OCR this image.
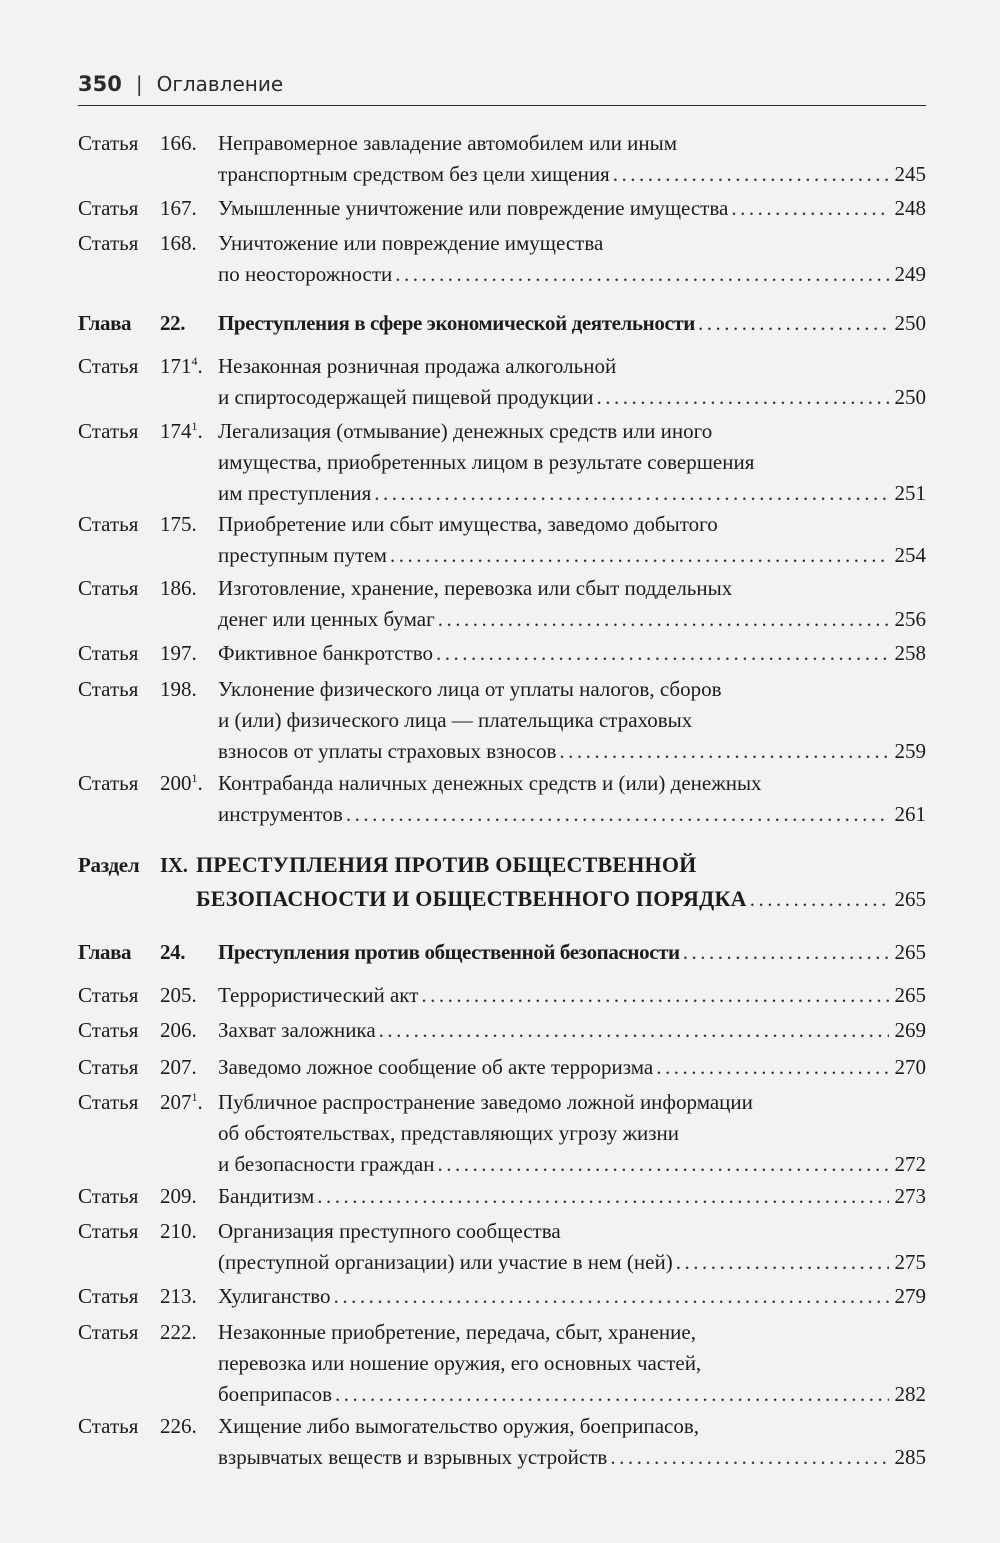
350 | Оглавление
Статья 166.	Неправомерное завладение автомобилем или иным
транспортным средством без цели хищения .....	245
Статья 167.	Умышленные уничтожение или повреждение имущества .....	248
Статья 168.	Уничтожение или повреждение имущества
по неосторожности .....	249
Глава 22.	Преступления в сфере экономической деятельности .....	250
Статья $171^4$. Незаконная розничная продажа алкогольной
и спиртосодержащей пищевой продукции .....	250
Статья $174^1$. Легализация (отмывание) денежных средств или иного
имущества, приобретенных лицом в результате совершения
им преступления .....	251
Статья 175.	Приобретение или сбыт имущества, заведомо добытого
преступным путем .....	254
Статья 186.	Изготовление, хранение, перевозка или сбыт поддельных
денег или ценных бумаг .....	256
Статья 197.	Фиктивное банкротство .....	258
Статья 198.	Уклонение физического лица от уплаты налогов, сборов
и (или) физического лица — плательщика страховых
взносов от уплаты страховых взносов .....	259
Статья $200^1$. Контрабанда наличных денежных средств и (или) денежных
инструментов .....	261
Раздел IX. ПРЕСТУПЛЕНИЯ ПРОТИВ ОБЩЕСТВЕННОЙ
БЕЗОПАСНОСТИ И ОБЩЕСТВЕННОГО ПОРЯДКА .....	265
Глава 24.	Преступления против общественной безопасности .....	265
Статья 205.	Террористический акт .....	265
Статья 206.	Захват заложника .....	269
Статья 207.	Заведомо ложное сообщение об акте терроризма .....	270
Статья $207^1$. Публичное распространение заведомо ложной информации
об обстоятельствах, представляющих угрозу жизни
и безопасности граждан .....	272
Статья 209.	Бандитизм .....	273
Статья 210.	Организация преступного сообщества
(преступной организации) или участие в нем (ней) .....	275
Статья 213.	Хулиганство .....	279
Статья 222.	Незаконные приобретение, передача, сбыт, хранение,
перевозка или ношение оружия, его основных частей,
боеприпасов .....	282
Статья 226.	Хищение либо вымогательство оружия, боеприпасов,
взрывчатых веществ и взрывных устройств .....	285
